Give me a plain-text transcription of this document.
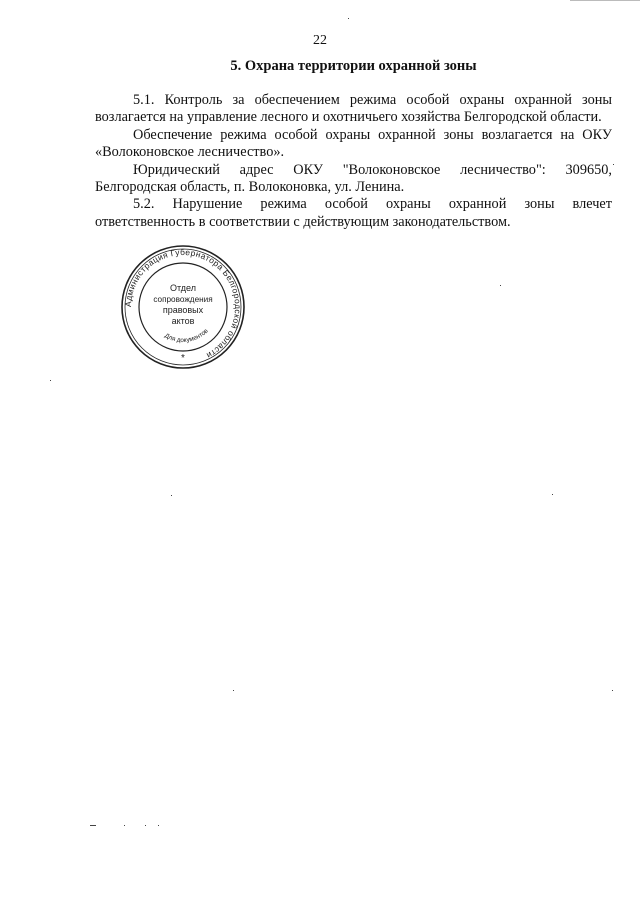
22
5. Охрана территории охранной зоны

5.1. Контроль за обеспечением режима особой охраны охранной зоны возлагается на управление лесного и охотничьего хозяйства Белгородской области.

Обеспечение режима особой охраны охранной зоны возлагается на ОКУ «Волоконовское лесничество».

Юридический адрес ОКУ "Волоконовское лесничество": 309650, Белгородская область, п. Волоконовка, ул. Ленина.

5.2. Нарушение режима особой охраны охранной зоны влечет ответственность в соответствии с действующим законодательством.

Администрация Губернатора Белгородской области
Для документов
Отдел
сопровождения
правовых
актов
*
